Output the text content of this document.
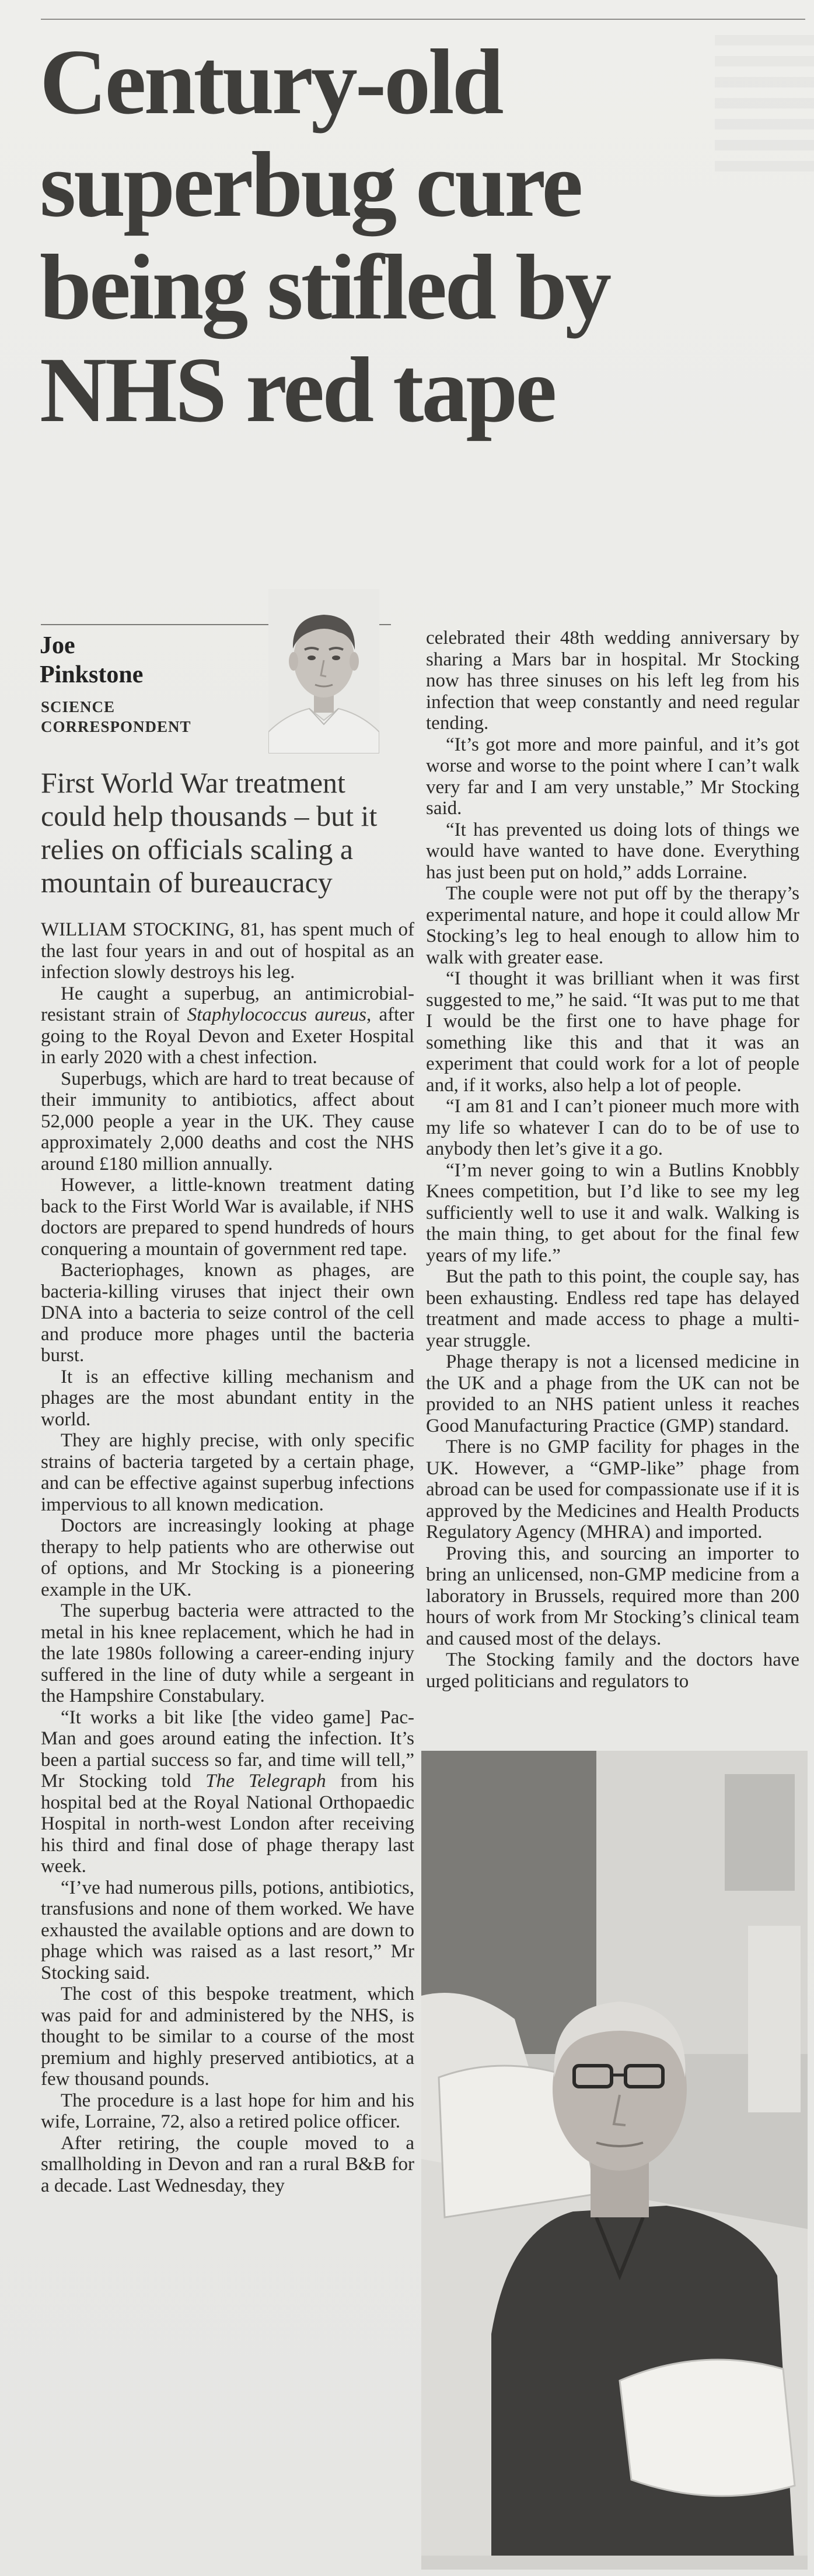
Century-old
superbug cure
being stifled by
NHS red tape
Joe
Pinkstone
SCIENCE
CORRESPONDENT

First World War treatment could help thousands – but it relies on officials scaling a mountain of bureaucracy

WILLIAM STOCKING, 81, has spent much of the last four years in and out of hospital as an infection slowly destroys his leg.

He caught a superbug, an antimicrobial-resistant strain of Staphylococcus aureus, after going to the Royal Devon and Exeter Hospital in early 2020 with a chest infection.

Superbugs, which are hard to treat because of their immunity to antibiotics, affect about 52,000 people a year in the UK. They cause approximately 2,000 deaths and cost the NHS around £180 million annually.

However, a little-known treatment dating back to the First World War is available, if NHS doctors are prepared to spend hundreds of hours conquering a mountain of government red tape.

Bacteriophages, known as phages, are bacteria-killing viruses that inject their own DNA into a bacteria to seize control of the cell and produce more phages until the bacteria burst.

It is an effective killing mechanism and phages are the most abundant entity in the world.

They are highly precise, with only specific strains of bacteria targeted by a certain phage, and can be effective against superbug infections impervious to all known medication.

Doctors are increasingly looking at phage therapy to help patients who are otherwise out of options, and Mr Stocking is a pioneering example in the UK.

The superbug bacteria were attracted to the metal in his knee replacement, which he had in the late 1980s following a career-ending injury suffered in the line of duty while a sergeant in the Hampshire Constabulary.

“It works a bit like [the video game] Pac-Man and goes around eating the infection. It’s been a partial success so far, and time will tell,” Mr Stocking told The Telegraph from his hospital bed at the Royal National Orthopaedic Hospital in north-west London after receiving his third and final dose of phage therapy last week.

“I’ve had numerous pills, potions, antibiotics, transfusions and none of them worked. We have exhausted the available options and are down to phage which was raised as a last resort,” Mr Stocking said.

The cost of this bespoke treatment, which was paid for and administered by the NHS, is thought to be similar to a course of the most premium and highly preserved antibiotics, at a few thousand pounds.

The procedure is a last hope for him and his wife, Lorraine, 72, also a retired police officer.

After retiring, the couple moved to a smallholding in Devon and ran a rural B&B for a decade. Last Wednesday, they

celebrated their 48th wedding anniversary by sharing a Mars bar in hospital. Mr Stocking now has three sinuses on his left leg from his infection that weep constantly and need regular tending.

“It’s got more and more painful, and it’s got worse and worse to the point where I can’t walk very far and I am very unstable,” Mr Stocking said.

“It has prevented us doing lots of things we would have wanted to have done. Everything has just been put on hold,” adds Lorraine.

The couple were not put off by the therapy’s experimental nature, and hope it could allow Mr Stocking’s leg to heal enough to allow him to walk with greater ease.

“I thought it was brilliant when it was first suggested to me,” he said. “It was put to me that I would be the first one to have phage for something like this and that it was an experiment that could work for a lot of people and, if it works, also help a lot of people.

“I am 81 and I can’t pioneer much more with my life so whatever I can do to be of use to anybody then let’s give it a go.

“I’m never going to win a Butlins Knobbly Knees competition, but I’d like to see my leg sufficiently well to use it and walk. Walking is the main thing, to get about for the final few years of my life.”

But the path to this point, the couple say, has been exhausting. Endless red tape has delayed treatment and made access to phage a multi-year struggle.

Phage therapy is not a licensed medicine in the UK and a phage from the UK can not be provided to an NHS patient unless it reaches Good Manufacturing Practice (GMP) standard.

There is no GMP facility for phages in the UK. However, a “GMP-like” phage from abroad can be used for compassionate use if it is approved by the Medicines and Health Products Regulatory Agency (MHRA) and imported.

Proving this, and sourcing an importer to bring an unlicensed, non-GMP medicine from a laboratory in Brussels, required more than 200 hours of work from Mr Stocking’s clinical team and caused most of the delays.

The Stocking family and the doctors have urged politicians and regulators to
